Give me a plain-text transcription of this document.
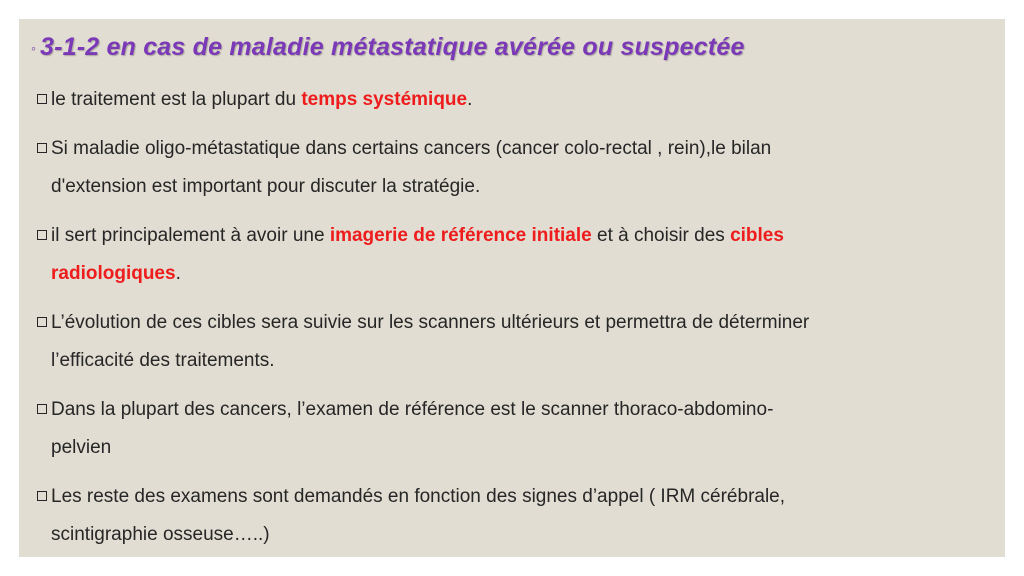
◦ 3-1-2 en cas de maladie métastatique avérée ou suspectée
le traitement est la plupart du temps systémique.
Si maladie oligo-métastatique dans certains cancers (cancer colo-rectal , rein),le bilan
d'extension est important pour discuter la stratégie.
il sert principalement à avoir une imagerie de référence initiale et à choisir des cibles
radiologiques.
L’évolution de ces cibles sera suivie sur les scanners ultérieurs et permettra de déterminer
l’efficacité des traitements.
Dans la plupart des cancers, l’examen de référence est le scanner thoraco-abdomino-
pelvien
Les reste des examens sont demandés en fonction des signes d’appel ( IRM cérébrale,
scintigraphie osseuse…..)
